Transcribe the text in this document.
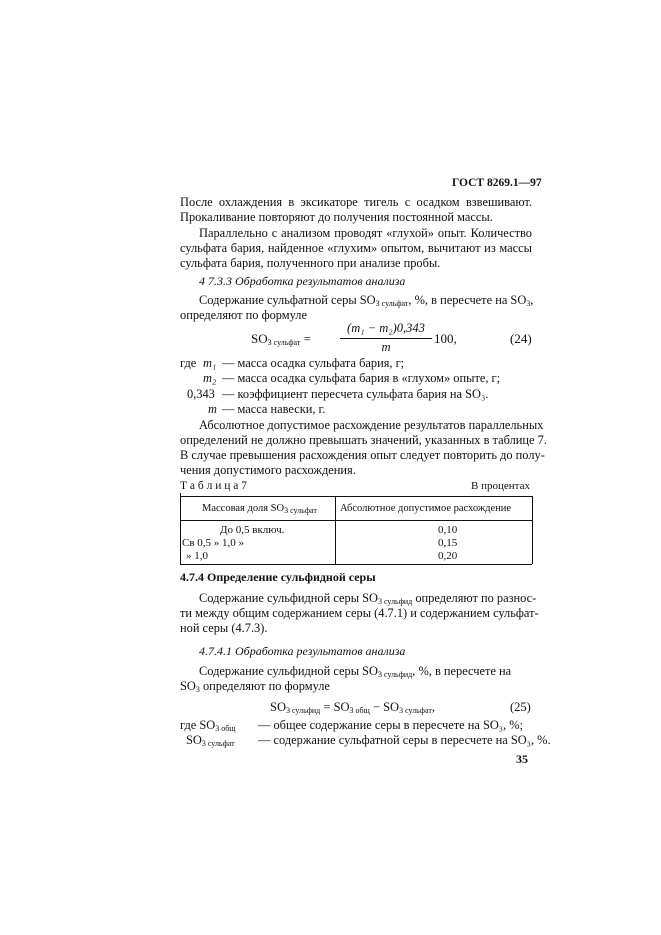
ГОСТ 8269.1—97
После охлаждения в эксикаторе тигель с осадком взвешивают.
Прокаливание повторяют до получения постоянной массы.
Параллельно с анализом проводят «глухой» опыт. Количество
сульфата бария, найденное «глухим» опытом, вычитают из массы
сульфата бария, полученного при анализе пробы.
4 7.3.3 Обработка результатов анализа
Содержание сульфатной серы $SO_{3 сульфат}$, %, в пересчете на $SO_3$,
определяют по формуле
$SO_{3 сульфат}$ =
(m₁ − m₂)0,343
m
100,	(24)
где m₁ — масса осадка сульфата бария, г;
m₂ — масса осадка сульфата бария в «глухом» опыте, г;
0,343 — коэффициент пересчета сульфата бария на SO₃.
m — масса навески, г.
Абсолютное допустимое расхождение результатов параллельных
определений не должно превышать значений, указанных в таблице 7.
В случае превышения расхождения опыт следует повторить до полу-
чения допустимого расхождения.
Т а б л и ц а 7	В процентах
Массовая доля $SO_{3 сульфат}$ Абсолютное допустимое расхождение
До 0,5 включ.	0,10
Св 0,5 » 1,0 »	0,15
» 1,0	0,20
4.7.4 Определение сульфидной серы
Содержание сульфидной серы $SO_{3 сульфид}$ определяют по разнос-
ти между общим содержанием серы (4.7.1) и содержанием сульфат-
ной серы (4.7.3).
4.7.4.1 Обработка результатов анализа
Содержание сульфидной серы $SO_{3 сульфид}$, %, в пересчете на
$SO_3$ определяют по формуле
$SO_{3 сульфид} = SO_{3 общ} - SO_{3 сульфат}$,	(25)
где $SO_{3 общ}$ — общее содержание серы в пересчете на SO₃, %;
$SO_{3 сульфат}$ — содержание сульфатной серы в пересчете на SO₃, %.
35
